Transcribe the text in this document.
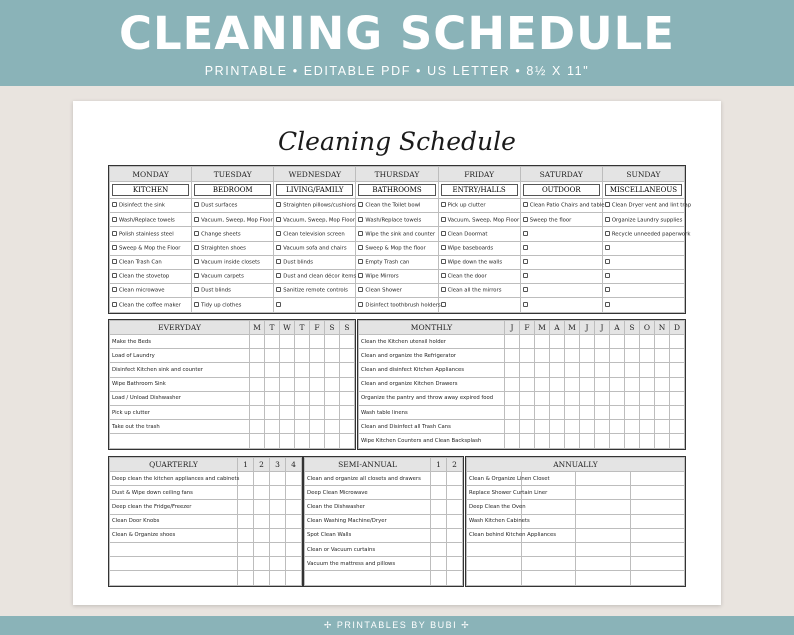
CLEANING SCHEDULE
PRINTABLE • EDITABLE PDF • US LETTER • 8½ X 11"
Cleaning Schedule
MONDAY	TUESDAY	WEDNESDAY	THURSDAY	FRIDAY	SATURDAY	SUNDAY

KITCHEN	BEDROOM	LIVING/FAMILY	BATHROOMS	ENTRY/HALLS	OUTDOOR	MISCELLANEOUS

Disinfect the sink	Dust surfaces	Straighten pillows/cushions	Clean the Toilet bowl	Pick up clutter	Clean Patio Chairs and table	Clean Dryer vent and lint trap
Wash/Replace towels	Vacuum, Sweep, Mop Floor	Vacuum, Sweep, Mop Floor	Wash/Replace towels	Vacuum, Sweep, Mop Floor	Sweep the floor	Organize Laundry supplies
Polish stainless steel	Change sheets	Clean television screen	Wipe the sink and counter	Clean Doormat		Recycle unneeded paperwork
Sweep & Mop the Floor	Straighten shoes	Vacuum sofa and chairs	Sweep & Mop the floor	Wipe baseboards		
Clean Trash Can	Vacuum inside closets	Dust blinds	Empty Trash can	Wipe down the walls		
Clean the stovetop	Vacuum carpets	Dust and clean décor items	Wipe Mirrors	Clean the door		
Clean microwave	Dust blinds	Sanitize remote controls	Clean Shower	Clean all the mirrors		
Clean the coffee maker	Tidy up clothes		Disinfect toothbrush holders			
EVERYDAY	M	T	W	T	F	S	S
Make the Beds							
Load of Laundry							
Disinfect Kitchen sink and counter							
Wipe Bathroom Sink							
Load / Unload Dishwasher							
Pick up clutter							
Take out the trash							

MONTHLY	J	F	M	A	M	J	J	A	S	O	N	D
Clean the Kitchen utensil holder												
Clean and organize the Refrigerator												
Clean and disinfect Kitchen Appliances												
Clean and organize Kitchen Drawers												
Organize the pantry and throw away expired food												
Wash table linens												
Clean and Disinfect all Trash Cans												
Wipe Kitchen Counters and Clean Backsplash												
QUARTERLY	1	2	3	4
Deep clean the kitchen appliances and cabinets				
Dust & Wipe down ceiling fans				
Deep clean the Fridge/Freezer				
Clean Door Knobs				
Clean & Organize shoes				

SEMI-ANNUAL	1	2
Clean and organize all closets and drawers		
Deep Clean Microwave		
Clean the Dishwasher		
Clean Washing Machine/Dryer		
Spot Clean Walls		
Clean or Vacuum curtains		
Vacuum the mattress and pillows		

ANNUALLY			
Clean & Organize Linen Closet			
Replace Shower Curtain Liner			
Deep Clean the Oven			
Wash Kitchen Cabinets			
Clean behind Kitchen Appliances			

✢ PRINTABLES BY BUBI ✢
